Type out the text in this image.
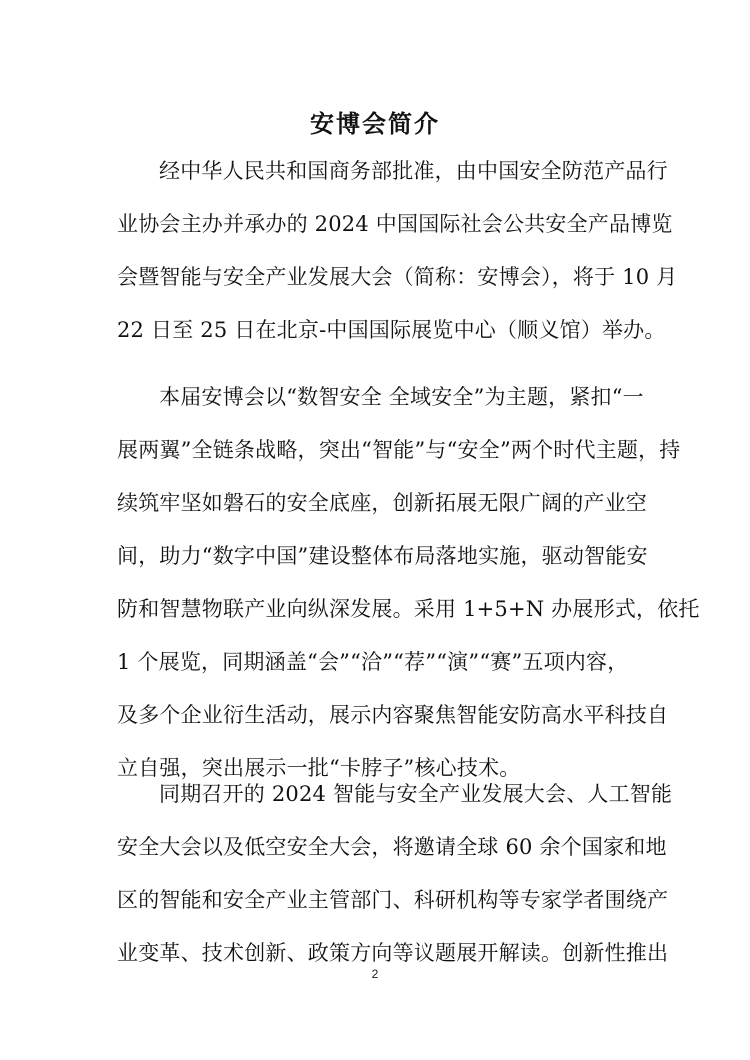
安博会简介

经中华人民共和国商务部批准，由中国安全防范产品行
业协会主办并承办的 2024 中国国际社会公共安全产品博览
会暨智能与安全产业发展大会（简称：安博会），将于 10 月
22 日至 25 日在北京-中国国际展览中心（顺义馆）举办。

本届安博会以“数智安全 全域安全”为主题，紧扣“一
展两翼”全链条战略，突出“智能”与“安全”两个时代主题，持
续筑牢坚如磐石的安全底座，创新拓展无限广阔的产业空
间，助力“数字中国”建设整体布局落地实施，驱动智能安
防和智慧物联产业向纵深发展。采用 1+5+N 办展形式，依托
1 个展览，同期涵盖“会”“洽”“荐”“演”“赛”五项内容，
及多个企业衍生活动，展示内容聚焦智能安防高水平科技自
立自强，突出展示一批“卡脖子”核心技术。

同期召开的 2024 智能与安全产业发展大会、人工智能
安全大会以及低空安全大会，将邀请全球 60 余个国家和地
区的智能和安全产业主管部门、科研机构等专家学者围绕产
业变革、技术创新、政策方向等议题展开解读。创新性推出

2
